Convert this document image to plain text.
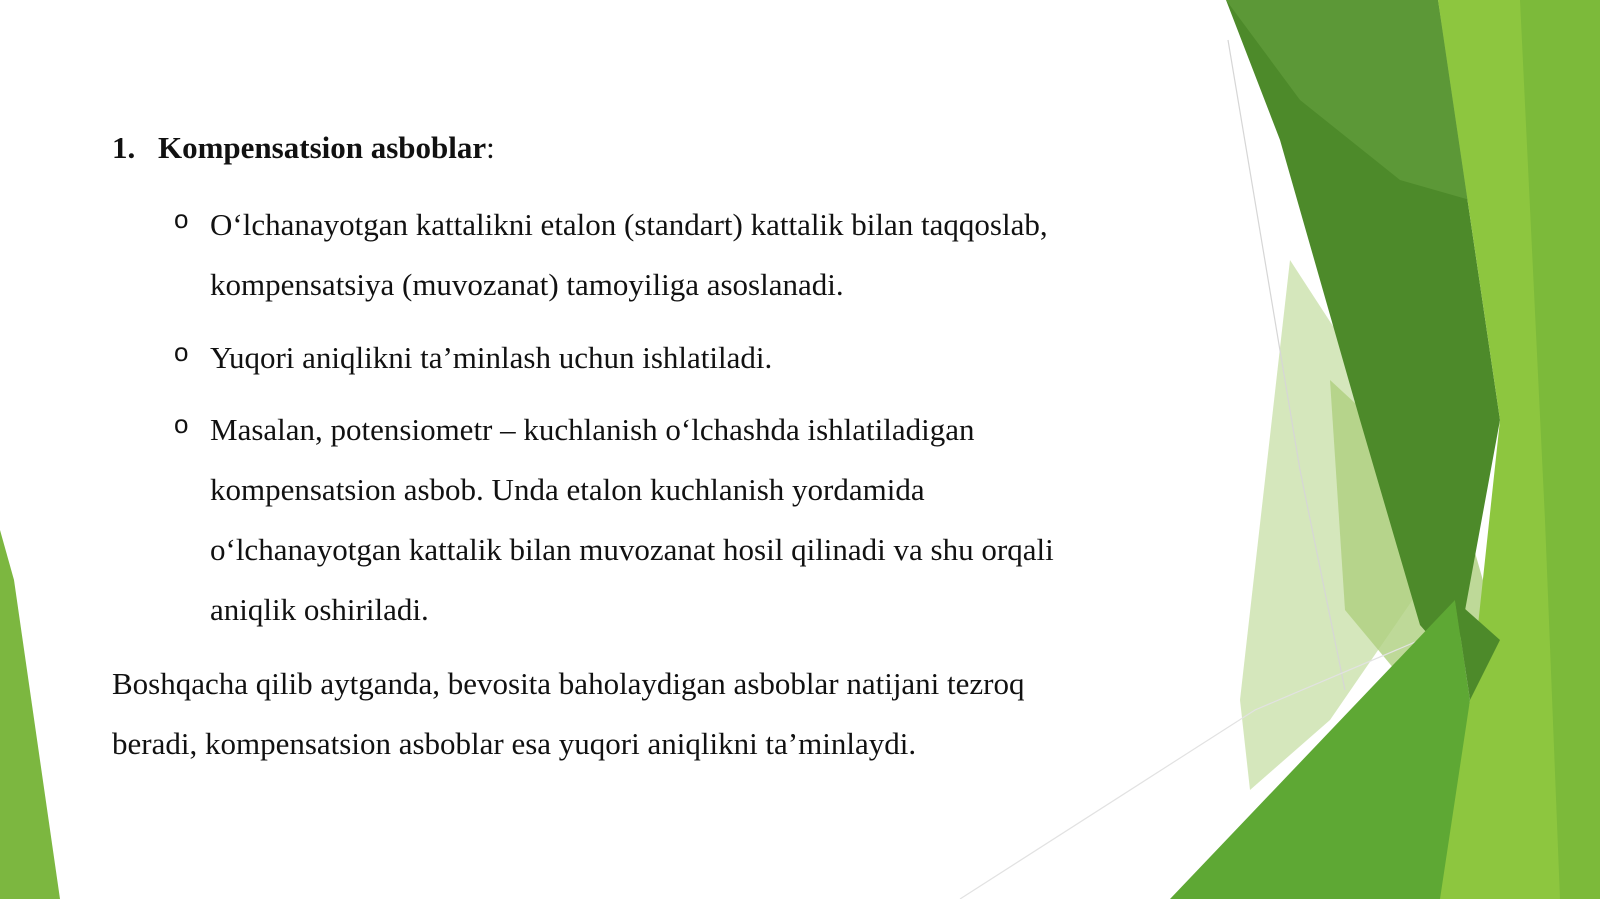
1. Kompensatsion asboblar:
o O‘lchanayotgan kattalikni etalon (standart) kattalik bilan taqqoslab,
kompensatsiya (muvozanat) tamoyiliga asoslanadi.
o Yuqori aniqlikni ta’minlash uchun ishlatiladi.
o Masalan, potensiometr – kuchlanish o‘lchashda ishlatiladigan
kompensatsion asbob. Unda etalon kuchlanish yordamida
o‘lchanayotgan kattalik bilan muvozanat hosil qilinadi va shu orqali
aniqlik oshiriladi.
Boshqacha qilib aytganda, bevosita baholaydigan asboblar natijani tezroq
beradi, kompensatsion asboblar esa yuqori aniqlikni ta’minlaydi.
